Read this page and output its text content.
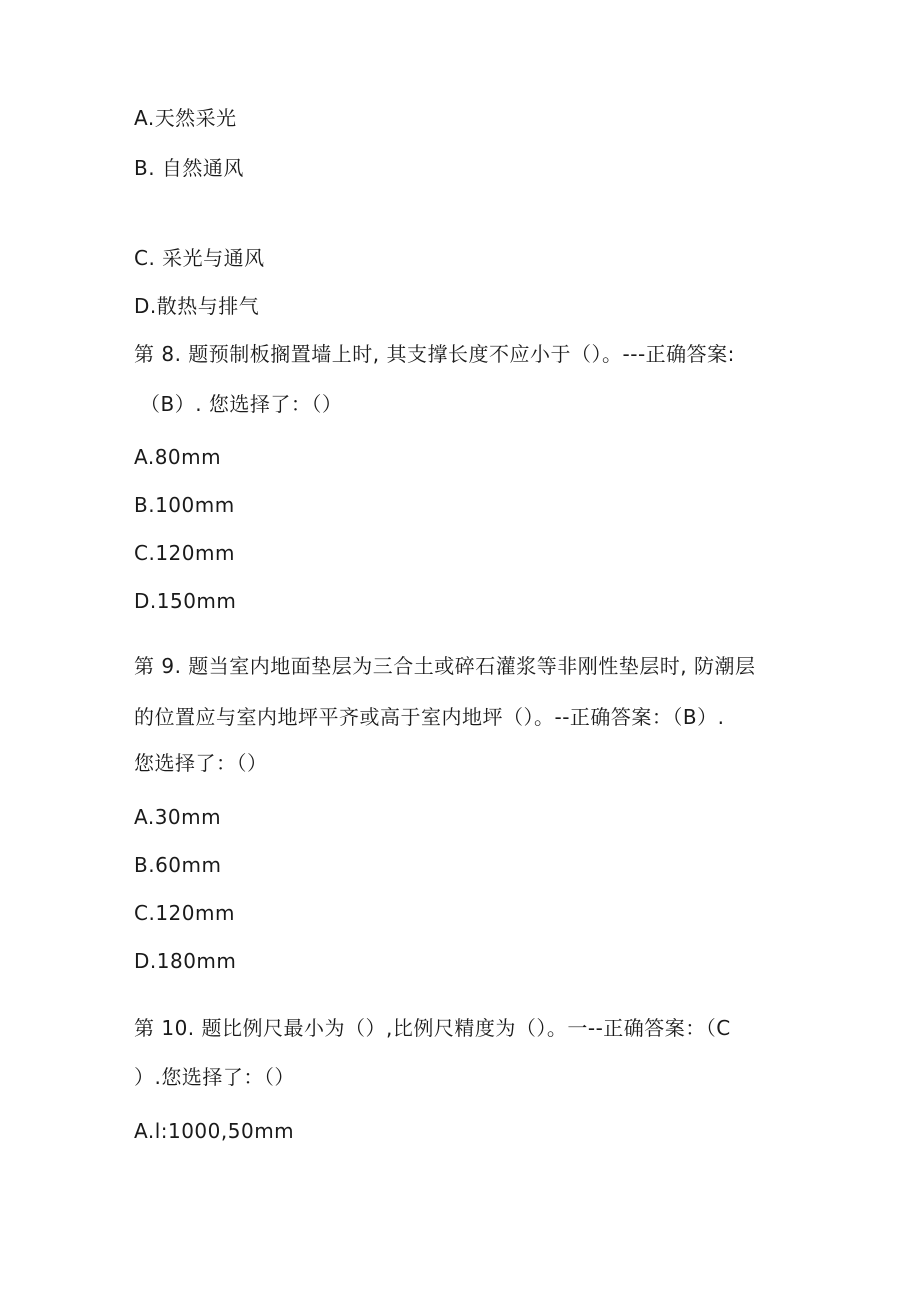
A.天然采光
B. 自然通风
C. 采光与通风
D.散热与排气
第 8. 题预制板搁置墙上时, 其支撑长度不应小于（）。---正确答案:
（B）. 您选择了：（）
A.80mm
B.100mm
C.120mm
D.150mm
第 9. 题当室内地面垫层为三合土或碎石灌浆等非刚性垫层时, 防潮层
的位置应与室内地坪平齐或高于室内地坪（）。--正确答案：（B）.
您选择了：（）
A.30mm
B.60mm
C.120mm
D.180mm
第 10. 题比例尺最小为（）,比例尺精度为（）。一--正确答案：（C
）.您选择了：（）
A.l:1000,50mm
